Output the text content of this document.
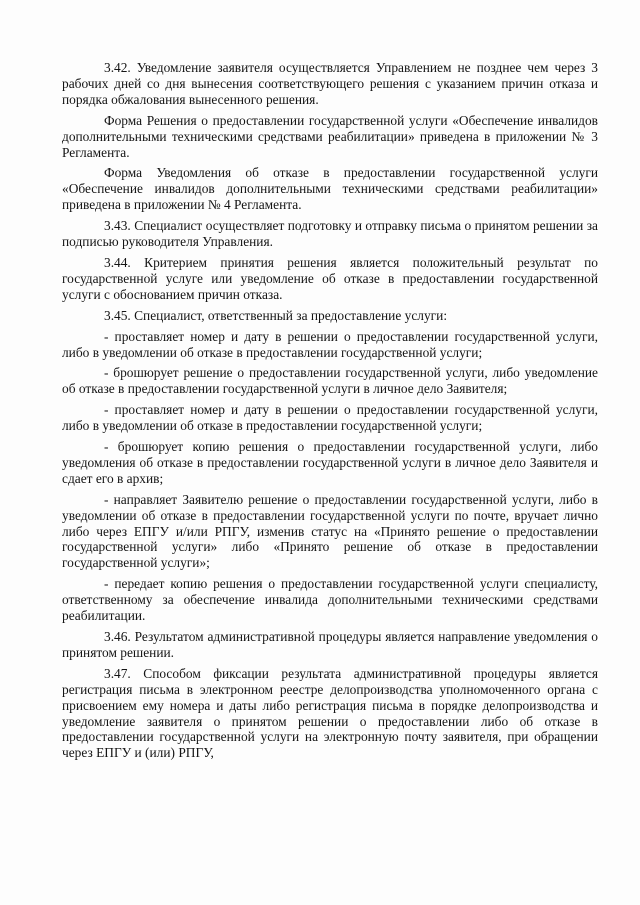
3.42. Уведомление заявителя осуществляется Управлением не позднее чем через 3 рабочих дней со дня вынесения соответствующего решения с указанием причин отказа и порядка обжалования вынесенного решения.

Форма Решения о предоставлении государственной услуги «Обеспечение инвалидов дополнительными техническими средствами реабилитации» приведена в приложении № 3 Регламента.

Форма Уведомления об отказе в предоставлении государственной услуги «Обеспечение инвалидов дополнительными техническими средствами реабилитации» приведена в приложении № 4 Регламента.

3.43. Специалист осуществляет подготовку и отправку письма о принятом решении за подписью руководителя Управления.

3.44. Критерием принятия решения является положительный результат по государственной услуге или уведомление об отказе в предоставлении государственной услуги с обоснованием причин отказа.

3.45. Специалист, ответственный за предоставление услуги:

- проставляет номер и дату в решении о предоставлении государственной услуги, либо в уведомлении об отказе в предоставлении государственной услуги;

- брошюрует решение о предоставлении государственной услуги, либо уведомление об отказе в предоставлении государственной услуги в личное дело Заявителя;

- проставляет номер и дату в решении о предоставлении государственной услуги, либо в уведомлении об отказе в предоставлении государственной услуги;

- брошюрует копию решения о предоставлении государственной услуги, либо уведомления об отказе в предоставлении государственной услуги в личное дело Заявителя и сдает его в архив;

- направляет Заявителю решение о предоставлении государственной услуги, либо в уведомлении об отказе в предоставлении государственной услуги по почте, вручает лично либо через ЕПГУ и/или РПГУ, изменив статус на «Принято решение о предоставлении государственной услуги» либо «Принято решение об отказе в предоставлении государственной услуги»;

- передает копию решения о предоставлении государственной услуги специалисту, ответственному за обеспечение инвалида дополнительными техническими средствами реабилитации.

3.46. Результатом административной процедуры является направление уведомления о принятом решении.

3.47. Способом фиксации результата административной процедуры является регистрация письма в электронном реестре делопроизводства уполномоченного органа с присвоением ему номера и даты либо регистрация письма в порядке делопроизводства и уведомление заявителя о принятом решении о предоставлении либо об отказе в предоставлении государственной услуги на электронную почту заявителя, при обращении через ЕПГУ и (или) РПГУ,
